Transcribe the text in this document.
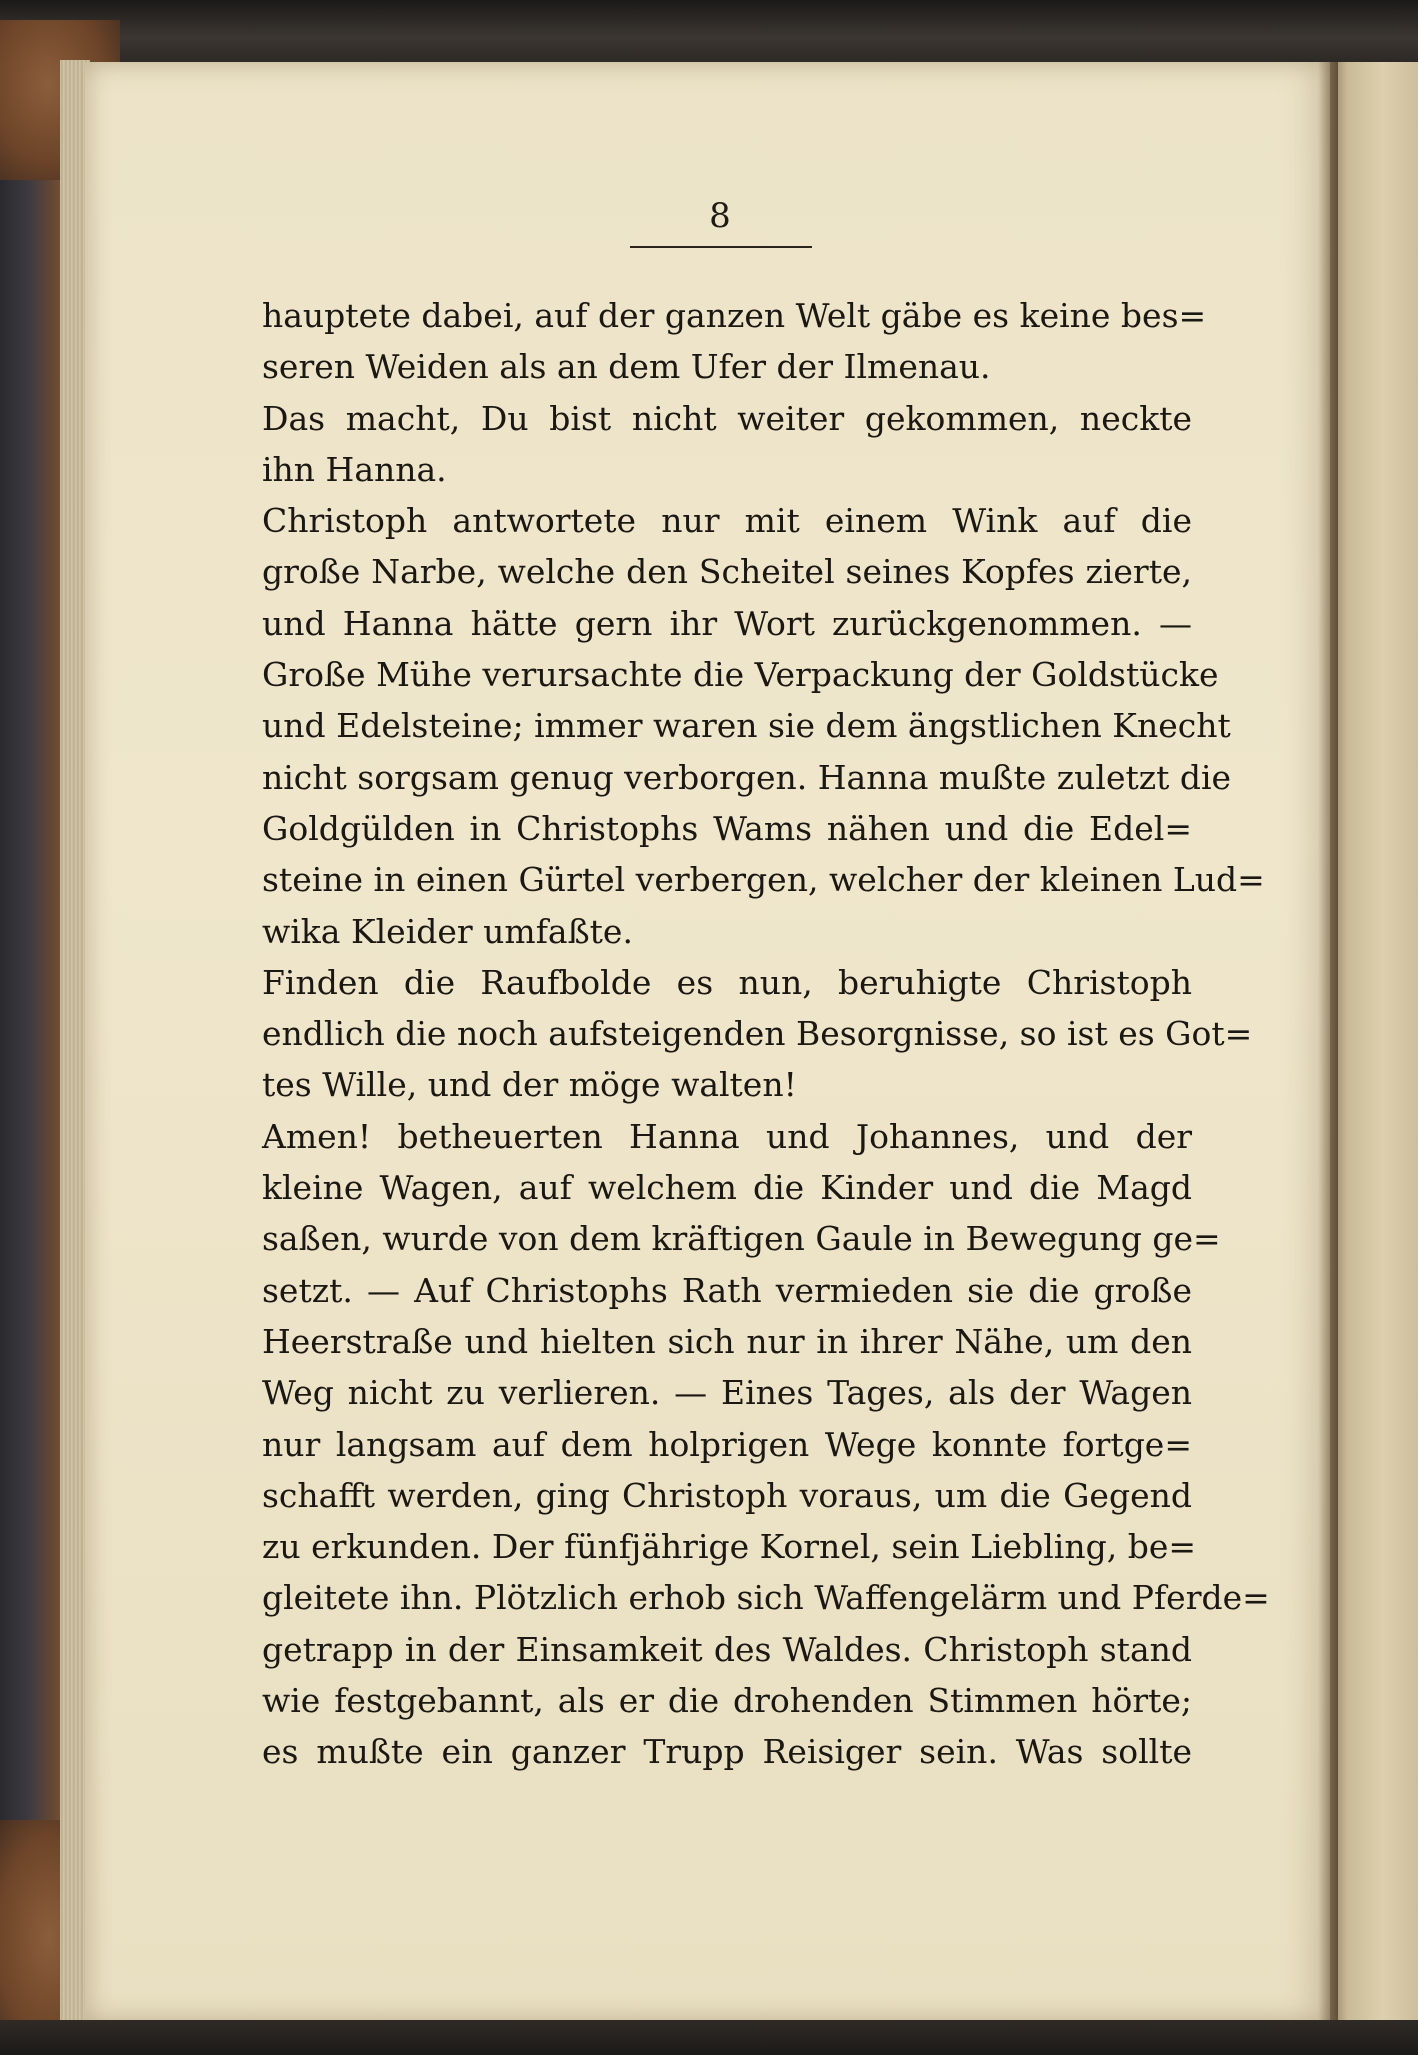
8
hauptete dabei, auf der ganzen Welt gäbe es keine bes=
seren Weiden als an dem Ufer der Ilmenau.
Das macht, Du bist nicht weiter gekommen, neckte
ihn Hanna.
Christoph antwortete nur mit einem Wink auf die
große Narbe, welche den Scheitel seines Kopfes zierte,
und Hanna hätte gern ihr Wort zurückgenommen. —
Große Mühe verursachte die Verpackung der Goldstücke
und Edelsteine; immer waren sie dem ängstlichen Knecht
nicht sorgsam genug verborgen. Hanna mußte zuletzt die
Goldgülden in Christophs Wams nähen und die Edel=
steine in einen Gürtel verbergen, welcher der kleinen Lud=
wika Kleider umfaßte.
Finden die Raufbolde es nun, beruhigte Christoph
endlich die noch aufsteigenden Besorgnisse, so ist es Got=
tes Wille, und der möge walten!
Amen! betheuerten Hanna und Johannes, und der
kleine Wagen, auf welchem die Kinder und die Magd
saßen, wurde von dem kräftigen Gaule in Bewegung ge=
setzt. — Auf Christophs Rath vermieden sie die große
Heerstraße und hielten sich nur in ihrer Nähe, um den
Weg nicht zu verlieren. — Eines Tages, als der Wagen
nur langsam auf dem holprigen Wege konnte fortge=
schafft werden, ging Christoph voraus, um die Gegend
zu erkunden. Der fünfjährige Kornel, sein Liebling, be=
gleitete ihn. Plötzlich erhob sich Waffengelärm und Pferde=
getrapp in der Einsamkeit des Waldes. Christoph stand
wie festgebannt, als er die drohenden Stimmen hörte;
es mußte ein ganzer Trupp Reisiger sein. Was sollte
